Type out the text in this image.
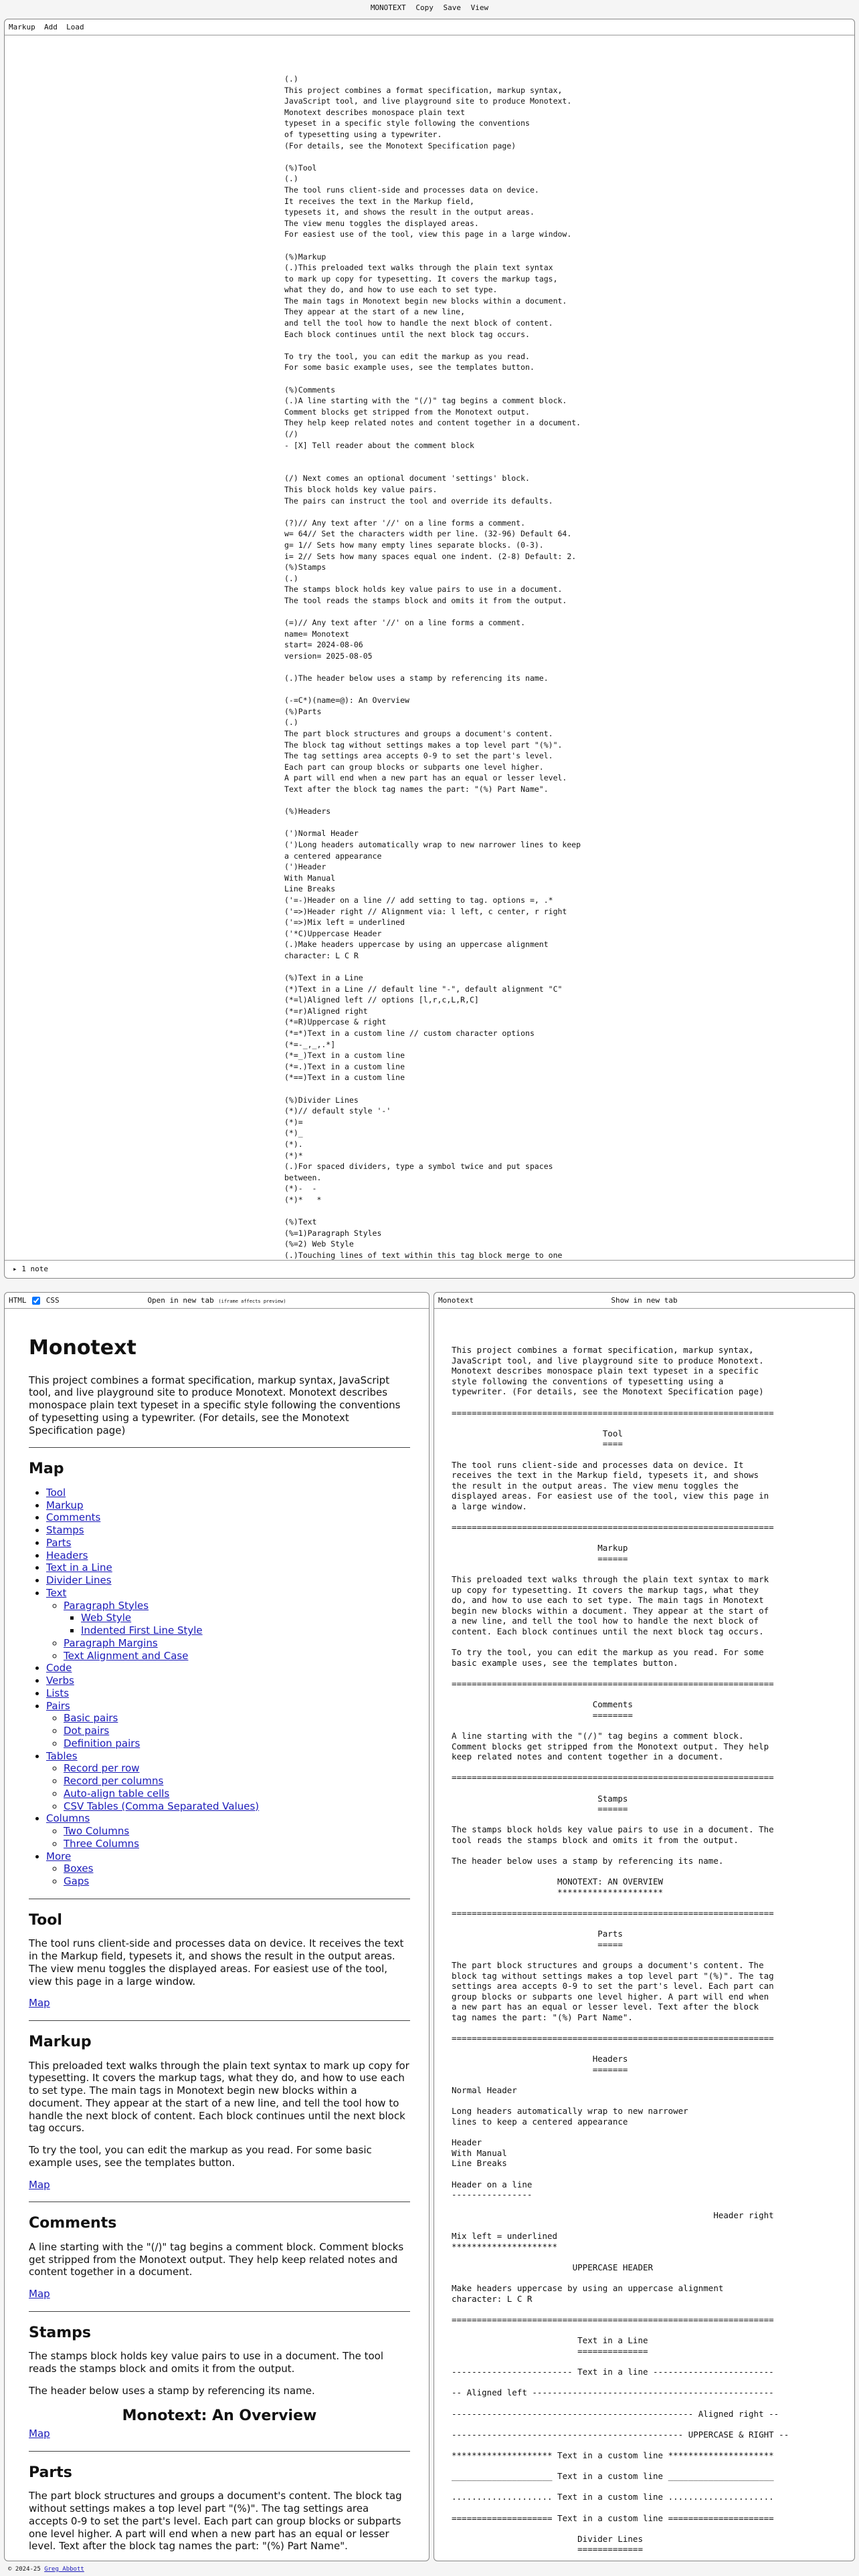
MONOTEXT Copy Save View
Markup Add Load
(.)
This project combines a format specification, markup syntax,
JavaScript tool, and live playground site to produce Monotext.
Monotext describes monospace plain text
typeset in a specific style following the conventions
of typesetting using a typewriter.
(For details, see the Monotext Specification page)

(%)Tool
(.)
The tool runs client-side and processes data on device.
It receives the text in the Markup field,
typesets it, and shows the result in the output areas.
The view menu toggles the displayed areas.
For easiest use of the tool, view this page in a large window.

(%)Markup
(.)This preloaded text walks through the plain text syntax
to mark up copy for typesetting. It covers the markup tags,
what they do, and how to use each to set type.
The main tags in Monotext begin new blocks within a document.
They appear at the start of a new line,
and tell the tool how to handle the next block of content.
Each block continues until the next block tag occurs.

To try the tool, you can edit the markup as you read.
For some basic example uses, see the templates button.

(%)Comments
(.)A line starting with the "(/)" tag begins a comment block.
Comment blocks get stripped from the Monotext output.
They help keep related notes and content together in a document.
(/)
- [X] Tell reader about the comment block

(/) Next comes an optional document 'settings' block.
This block holds key value pairs.
The pairs can instruct the tool and override its defaults.

(?)// Any text after '//' on a line forms a comment.
w= 64// Set the characters width per line. (32-96) Default 64.
g= 1// Sets how many empty lines separate blocks. (0-3).
i= 2// Sets how many spaces equal one indent. (2-8) Default: 2.
(%)Stamps
(.)
The stamps block holds key value pairs to use in a document.
The tool reads the stamps block and omits it from the output.

(=)// Any text after '//' on a line forms a comment.
name= Monotext
start= 2024-08-06
version= 2025-08-05

(.)The header below uses a stamp by referencing its name.

(-=C*)(name=@): An Overview
(%)Parts
(.)
The part block structures and groups a document's content.
The block tag without settings makes a top level part "(%)".
The tag settings area accepts 0-9 to set the part's level.
Each part can group blocks or subparts one level higher.
A part will end when a new part has an equal or lesser level.
Text after the block tag names the part: "(%) Part Name".

(%)Headers

(')Normal Header
(')Long headers automatically wrap to new narrower lines to keep
a centered appearance
(')Header
With Manual
Line Breaks
('=-)Header on a line // add setting to tag. options =, .*
('=>)Header right // Alignment via: l left, c center, r right
('=>)Mix left = underlined
('*C)Uppercase Header
(.)Make headers uppercase by using an uppercase alignment
character: L C R

(%)Text in a Line
(*)Text in a Line // default line "-", default alignment "C"
(*=l)Aligned left // options [l,r,c,L,R,C]
(*=r)Aligned right
(*=R)Uppercase & right
(*=*)Text in a custom line // custom character options
(*=-_,_,.*]
(*=_)Text in a custom line
(*=.)Text in a custom line
(*==)Text in a custom line

(%)Divider Lines
(*)// default style '-'
(*)=
(*)_
(*).
(*)*
(.)For spaced dividers, type a symbol twice and put spaces
between.
(*)-  -
(*)*   *

(%)Text
(%=1)Paragraph Styles
(%=2) Web Style
(.)Touching lines of text within this tag block merge to one

▸ 1 note
HTML	CSS	Open in new tab (iframe affects preview)
Monotext

This project combines a format specification, markup syntax, JavaScript tool, and live playground site to produce Monotext. Monotext describes monospace plain text typeset in a specific style following the conventions of typesetting using a typewriter. (For details, see the Monotext Specification page)

Map
• Tool
• Markup
• Comments
• Stamps
• Parts
• Headers
• Text in a Line
• Divider Lines
• Text
◦ Paragraph Styles
▪ Web Style
▪ Indented First Line Style
◦ Paragraph Margins
◦ Text Alignment and Case
• Code
• Verbs
• Lists
• Pairs
◦ Basic pairs
◦ Dot pairs
◦ Definition pairs
• Tables
◦ Record per row
◦ Record per columns
◦ Auto-align table cells
◦ CSV Tables (Comma Separated Values)
• Columns
◦ Two Columns
◦ Three Columns
• More
◦ Boxes
◦ Gaps
Tool

The tool runs client-side and processes data on device. It receives the text in the Markup field, typesets it, and shows the result in the output areas. The view menu toggles the displayed areas. For easiest use of the tool, view this page in a large window.

Map

Markup

This preloaded text walks through the plain text syntax to mark up copy for typesetting. It covers the markup tags, what they do, and how to use each to set type. The main tags in Monotext begin new blocks within a document. They appear at the start of a new line, and tell the tool how to handle the next block of content. Each block continues until the next block tag occurs.

To try the tool, you can edit the markup as you read. For some basic example uses, see the templates button.

Map

Comments

A line starting with the "(/)" tag begins a comment block. Comment blocks get stripped from the Monotext output. They help keep related notes and content together in a document.

Map

Stamps

The stamps block holds key value pairs to use in a document. The tool reads the stamps block and omits it from the output.

The header below uses a stamp by referencing its name.

Monotext: An Overview

Map

Parts

The part block structures and groups a document's content. The block tag without settings makes a top level part "(%)". The tag settings area accepts 0-9 to set the part's level. Each part can group blocks or subparts one level higher. A part will end when a new part has an equal or lesser level. Text after the block tag names the part: "(%) Part Name".

Monotext	Show in new tab
This project combines a format specification, markup syntax,
JavaScript tool, and live playground site to produce Monotext.
Monotext describes monospace plain text typeset in a specific
style following the conventions of typesetting using a
typewriter. (For details, see the Monotext Specification page)

================================================================

Tool
====

The tool runs client-side and processes data on device. It
receives the text in the Markup field, typesets it, and shows
the result in the output areas. The view menu toggles the
displayed areas. For easiest use of the tool, view this page in
a large window.

================================================================

Markup
======

This preloaded text walks through the plain text syntax to mark
up copy for typesetting. It covers the markup tags, what they
do, and how to use each to set type. The main tags in Monotext
begin new blocks within a document. They appear at the start of
a new line, and tell the tool how to handle the next block of
content. Each block continues until the next block tag occurs.

To try the tool, you can edit the markup as you read. For some
basic example uses, see the templates button.

================================================================

Comments
========

A line starting with the "(/)" tag begins a comment block.
Comment blocks get stripped from the Monotext output. They help
keep related notes and content together in a document.

================================================================

Stamps
======

The stamps block holds key value pairs to use in a document. The
tool reads the stamps block and omits it from the output.

The header below uses a stamp by referencing its name.

MONOTEXT: AN OVERVIEW
*********************

================================================================

Parts
=====

The part block structures and groups a document's content. The
block tag without settings makes a top level part "(%)". The tag
settings area accepts 0-9 to set the part's level. Each part can
group blocks or subparts one level higher. A part will end when
a new part has an equal or lesser level. Text after the block
tag names the part: "(%) Part Name".

================================================================

Headers
=======

Normal Header

Long headers automatically wrap to new narrower
lines to keep a centered appearance

Header
With Manual
Line Breaks

Header on a line
----------------

Header right

Mix left = underlined
*********************

UPPERCASE HEADER

Make headers uppercase by using an uppercase alignment
character: L C R

================================================================

Text in a Line
==============

------------------------ Text in a line ------------------------

-- Aligned left ------------------------------------------------

------------------------------------------------ Aligned right --

---------------------------------------------- UPPERCASE & RIGHT --

******************** Text in a custom line *********************

____________________ Text in a custom line _____________________

.................... Text in a custom line .....................

==================== Text in a custom line =====================

Divider Lines
=============

© 2024-25 Greg Abbott
